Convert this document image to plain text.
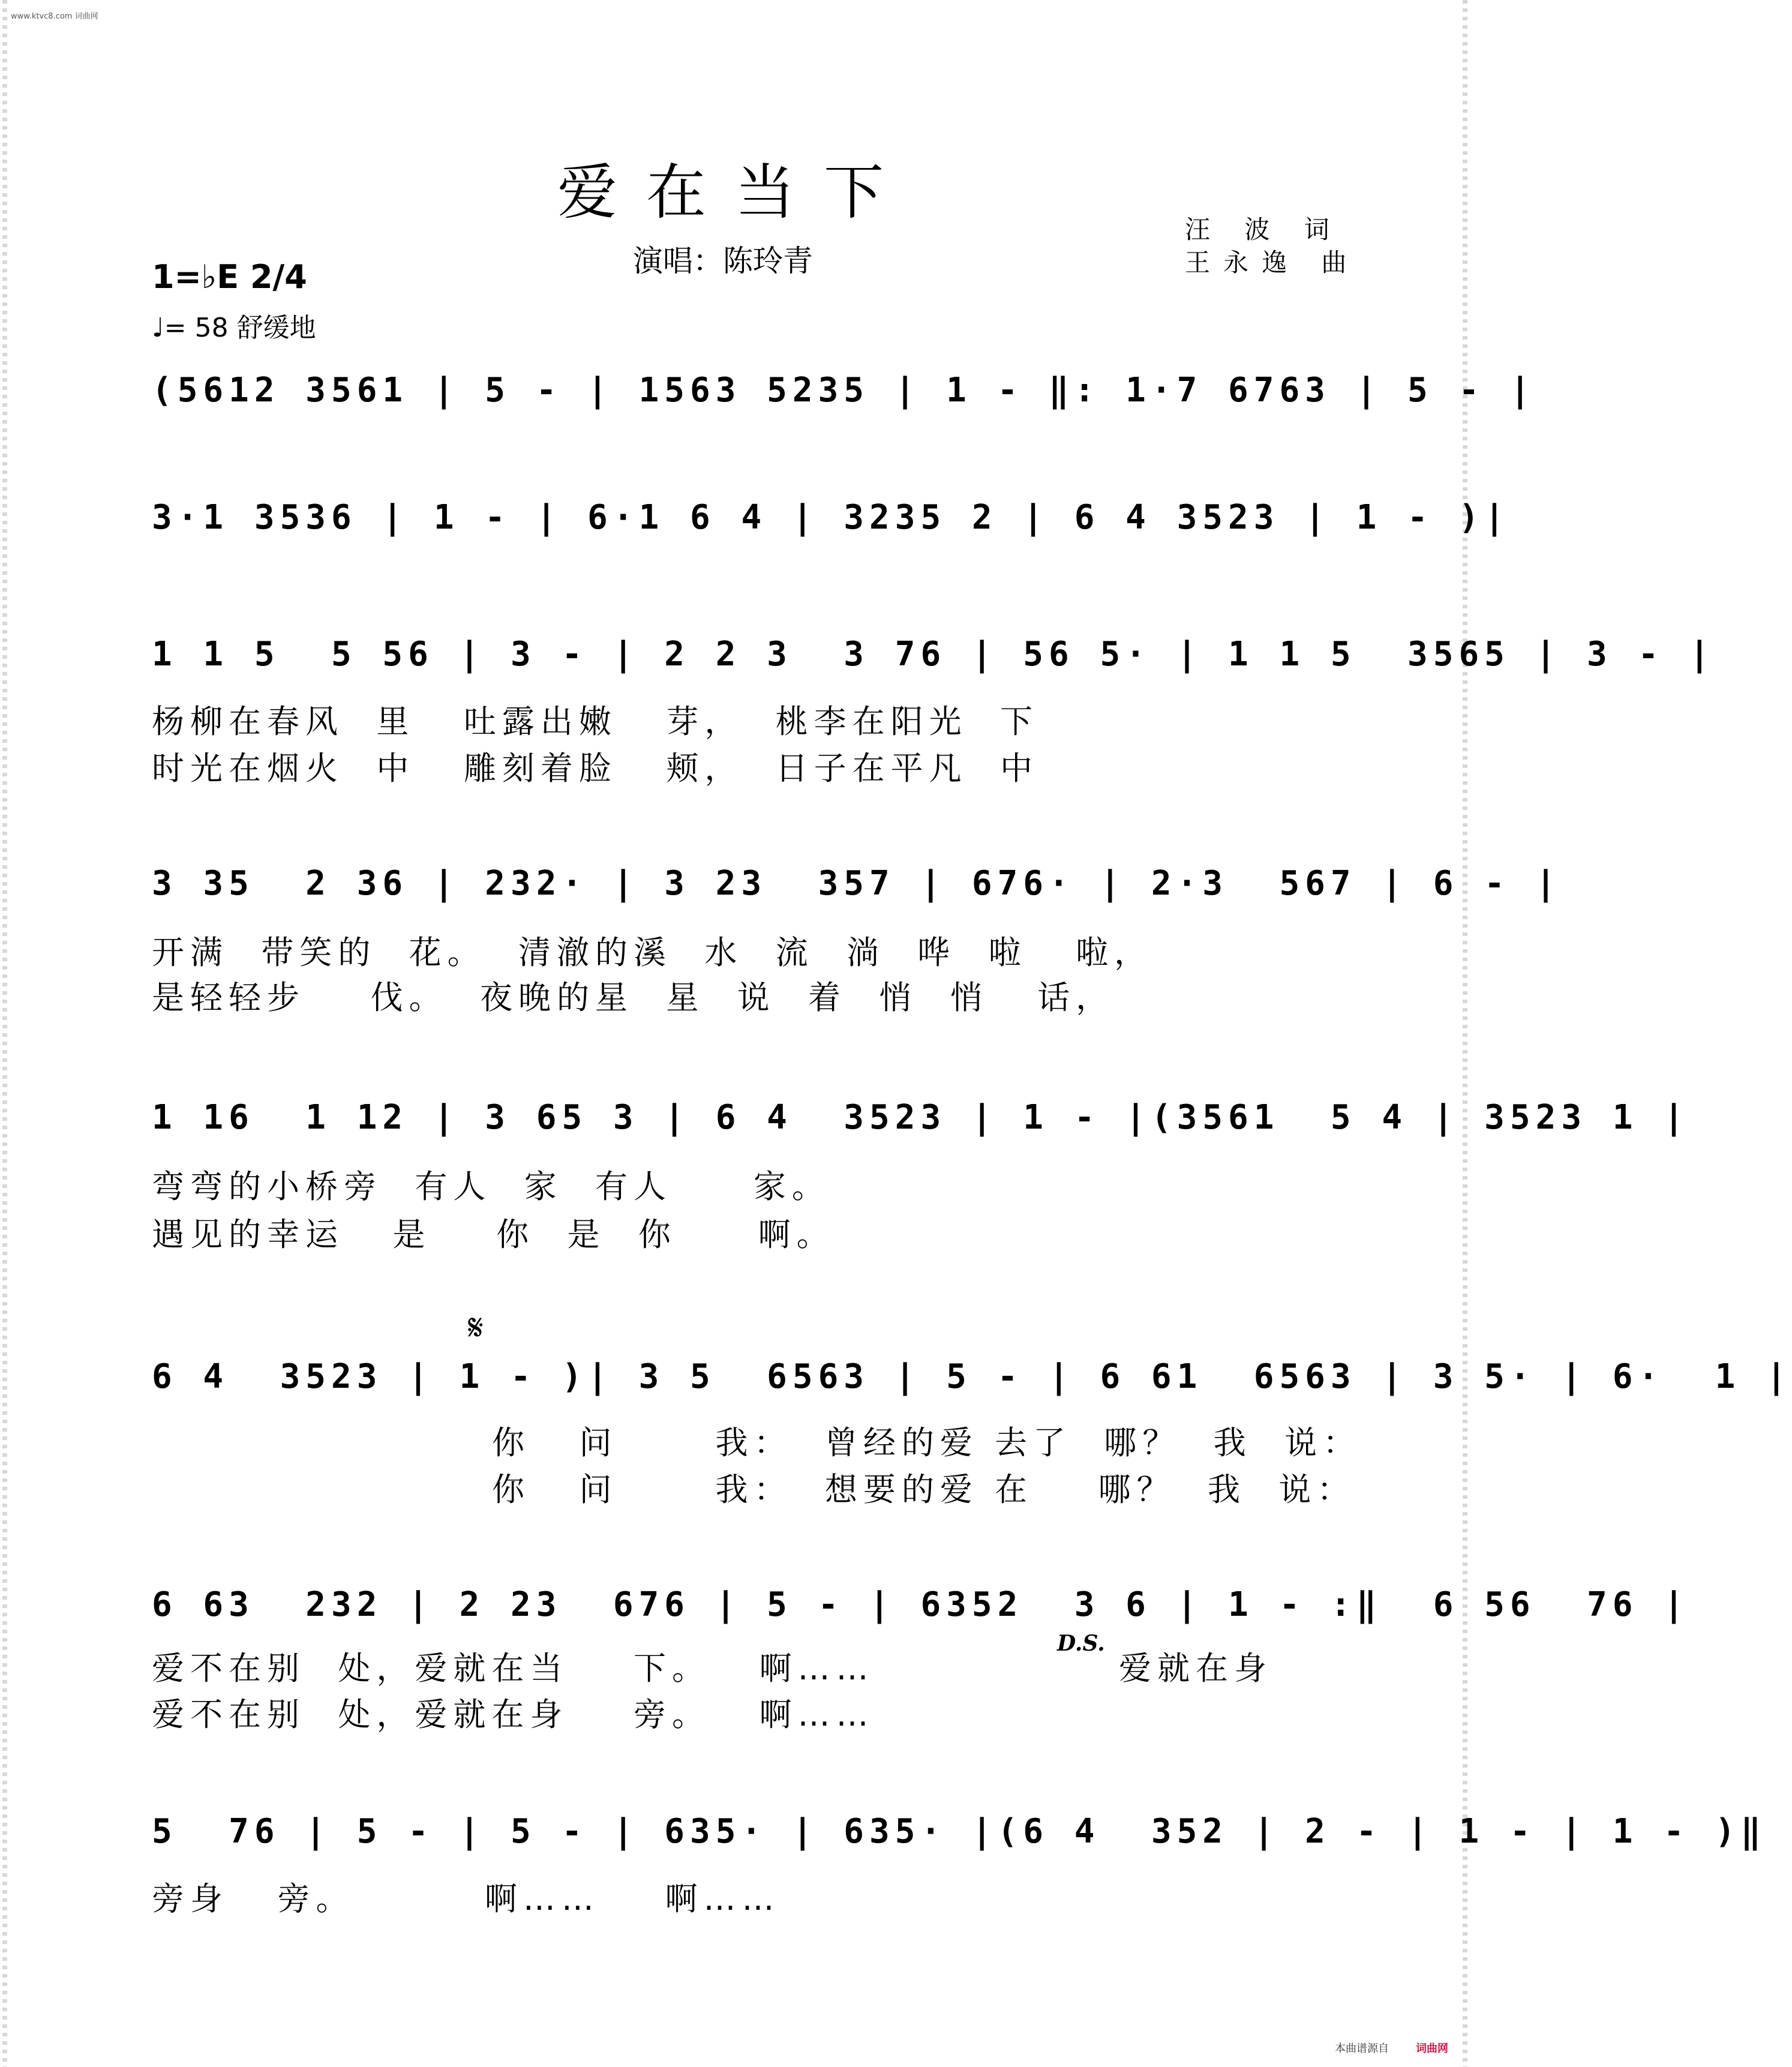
www.ktvc8.com 词曲网
爱在当下
演唱：陈玲青
汪 波 词
王永逸 曲
1=♭E 2/4
♩= 58 舒缓地
(5612 3561 | 5 - | 1563 5235 | 1 - ‖: 1·7 6763 | 5 - |
3·1 3536 | 1 - | 6·1 6 4 | 3235 2 | 6 4 3523 | 1 - )|
1 1 5  5 56 | 3 - | 2 2 3  3 76 | 56 5· | 1 1 5  3565 | 3 - |
杨柳在春风  里   吐露出嫩   芽，  桃李在阳光  下
时光在烟火  中   雕刻着脸   颊，  日子在平凡  中
3 35  2 36 | 232· | 3 23  357 | 676· | 2·3  567 | 6 - |
开满  带笑的  花。  清澈的溪  水  流  淌  哗  啦   啦，
是轻轻步    伐。  夜晚的星  星  说  着  悄  悄   话，
1 16  1 12 | 3 65 3 | 6 4  3523 | 1 - |(3561  5 4 | 3523 1 |
弯弯的小桥旁  有人  家  有人     家。
遇见的幸运   是    你  是  你     啊。
𝄋
6 4  3523 | 1 - )| 3 5  6563 | 5 - | 6 61  6563 | 3 5· | 6·  1 |
你   问      我：  曾经的爱 去了  哪？  我  说：
你   问      我：  想要的爱 在    哪？  我  说：
6 63  232 | 2 23  676 | 5 - | 6352  3 6 | 1 - :‖  6 56  76 |
爱不在别  处，爱就在当    下。   啊……
爱不在别  处，爱就在身    旁。   啊……
D.S.
爱就在身
5  76 | 5 - | 5 - | 635· | 635· |(6 4  352 | 2 - | 1 - | 1 - )‖
旁身   旁。        啊……    啊……
本曲谱源自	词曲网
